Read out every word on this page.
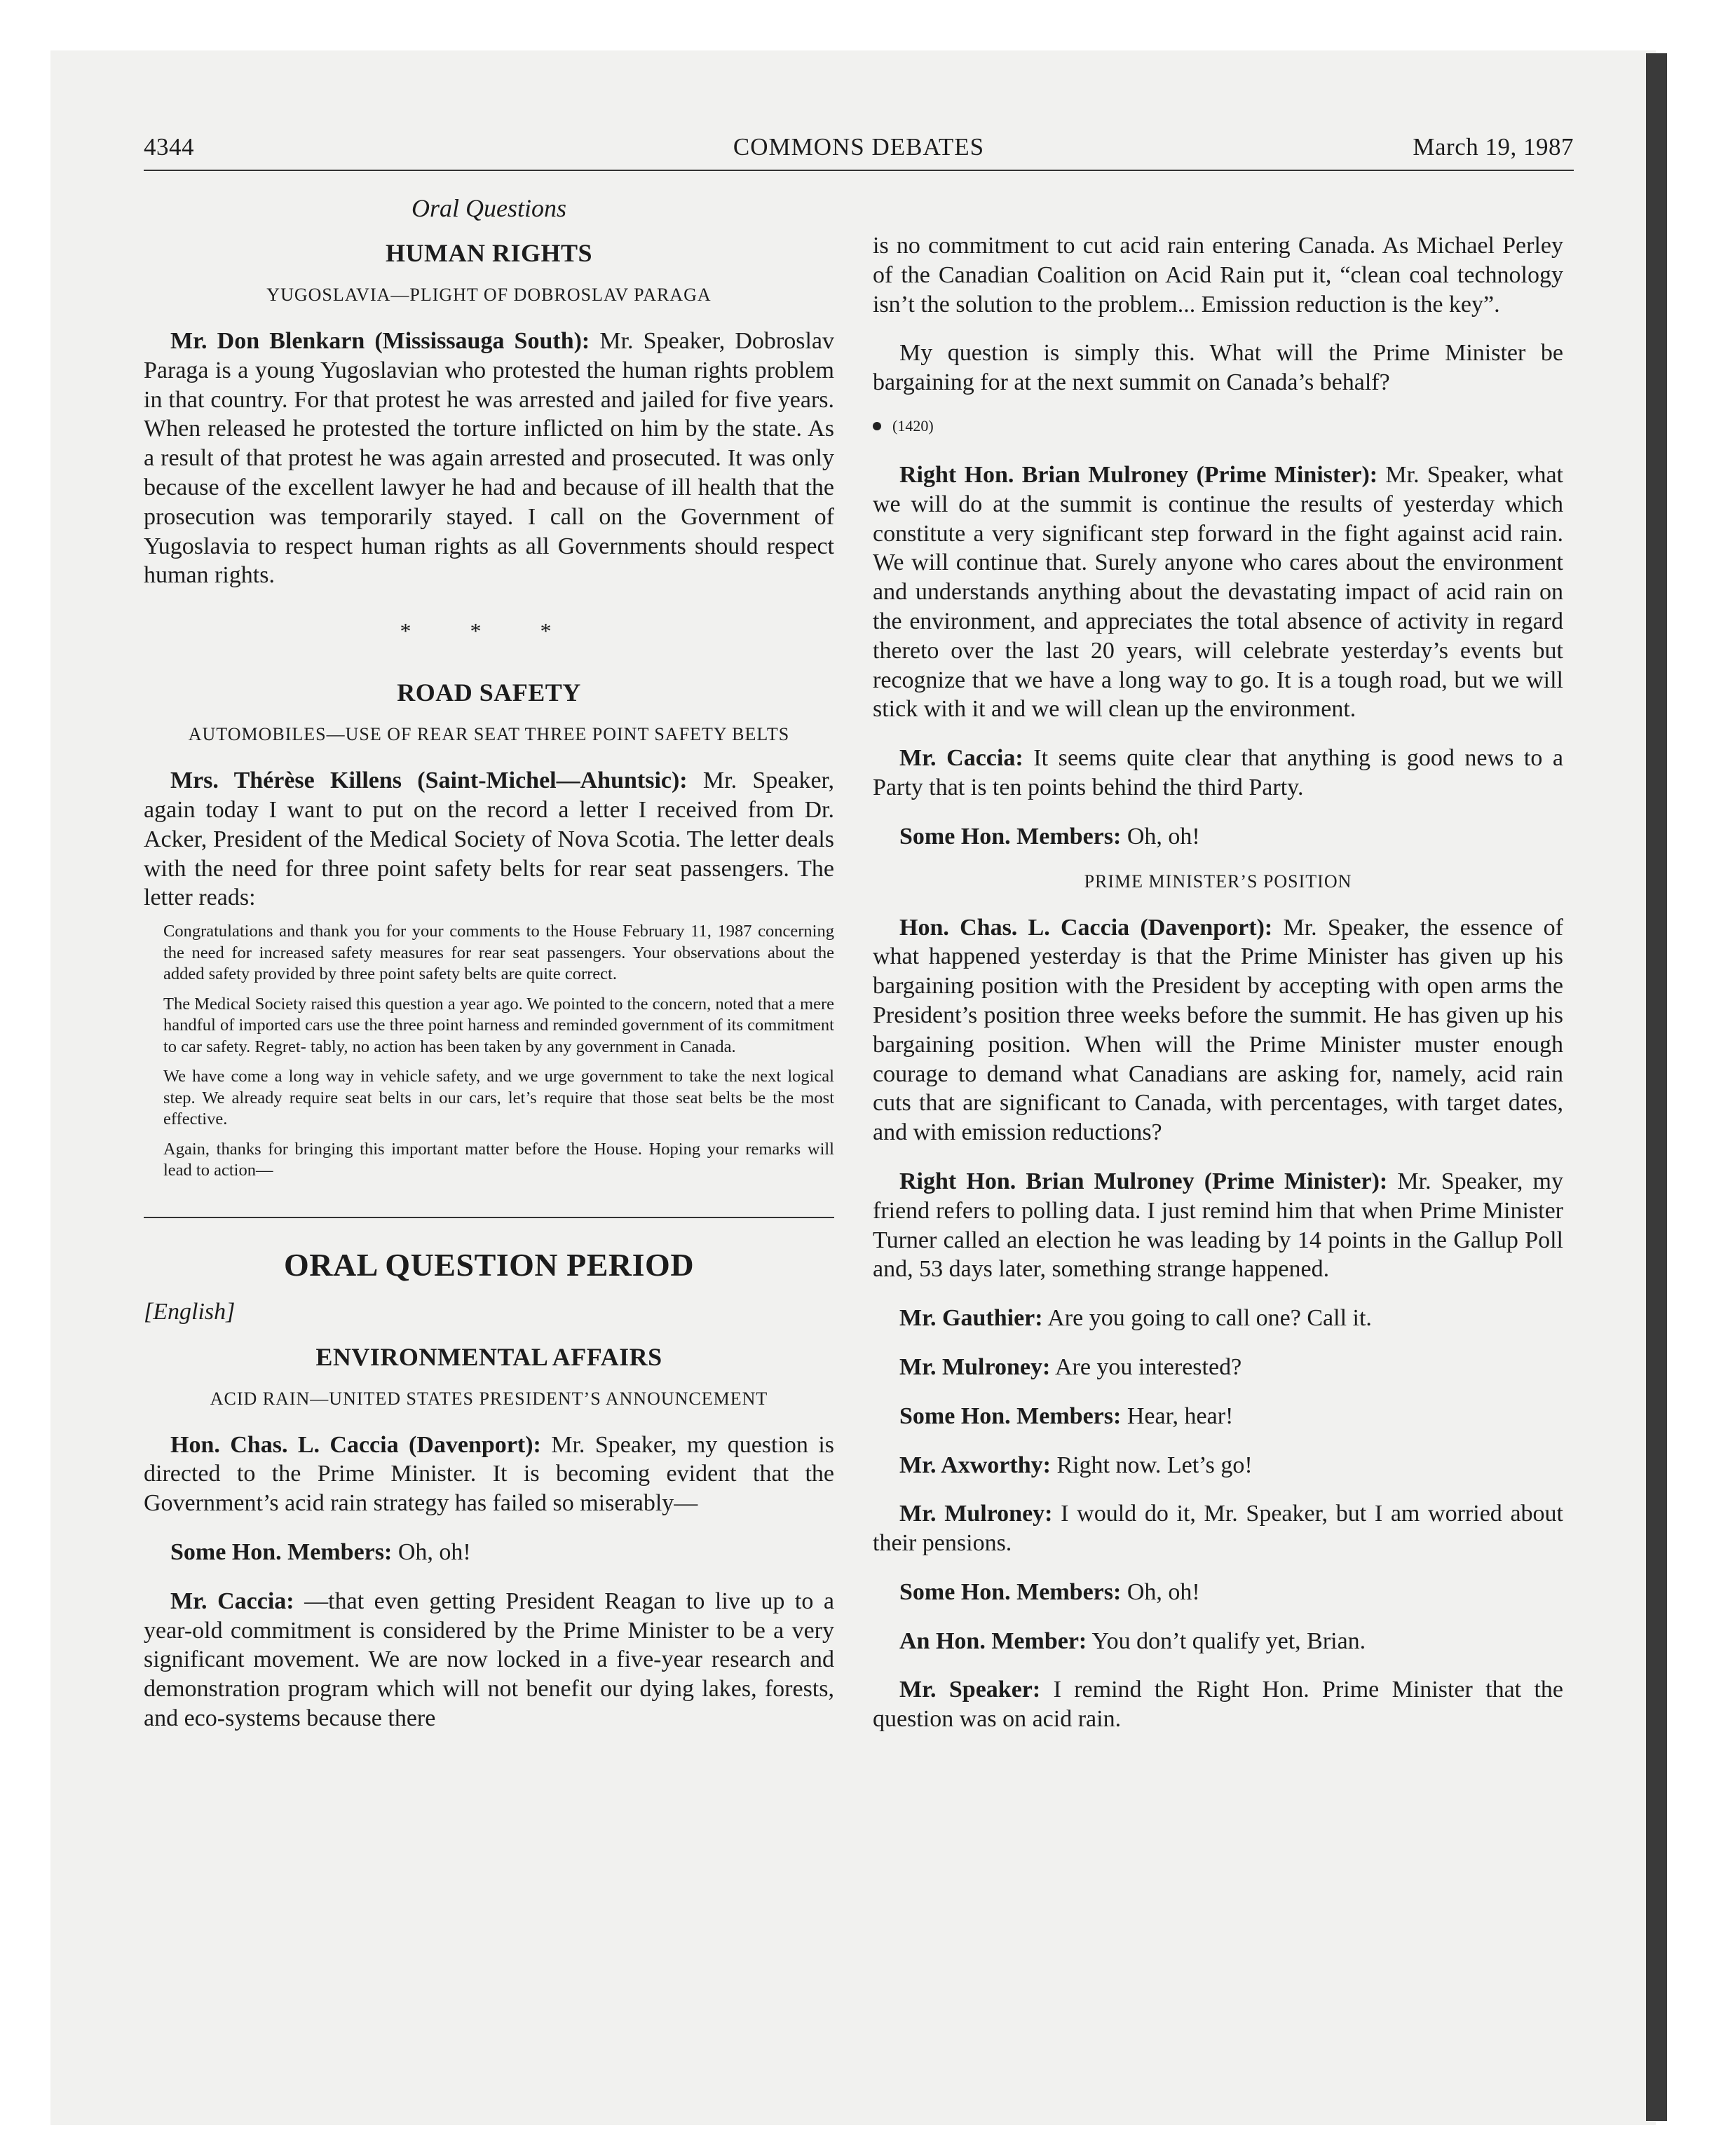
4344	COMMONS DEBATES	March 19, 1987
Oral Questions
HUMAN RIGHTS
YUGOSLAVIA—PLIGHT OF DOBROSLAV PARAGA

Mr. Don Blenkarn (Mississauga South): Mr. Speaker, Dobroslav Paraga is a young Yugoslavian who protested the human rights problem in that country. For that protest he was arrested and jailed for five years. When released he protested the torture inflicted on him by the state. As a result of that protest he was again arrested and prosecuted. It was only because of the excellent lawyer he had and because of ill health that the prosecution was temporarily stayed. I call on the Government of Yugoslavia to respect human rights as all Governments should respect human rights.

* * *
ROAD SAFETY
AUTOMOBILES—USE OF REAR SEAT THREE POINT SAFETY BELTS

Mrs. Thérèse Killens (Saint-Michel—Ahuntsic): Mr. Speaker, again today I want to put on the record a letter I received from Dr. Acker, President of the Medical Society of Nova Scotia. The letter deals with the need for three point safety belts for rear seat passengers. The letter reads:

Congratulations and thank you for your comments to the House February 11, 1987 concerning the need for increased safety measures for rear seat passengers. Your observations about the added safety provided by three point safety belts are quite correct.

The Medical Society raised this question a year ago. We pointed to the concern, noted that a mere handful of imported cars use the three point harness and reminded government of its commitment to car safety. Regret- tably, no action has been taken by any government in Canada.

We have come a long way in vehicle safety, and we urge government to take the next logical step. We already require seat belts in our cars, let’s require that those seat belts be the most effective.

Again, thanks for bringing this important matter before the House. Hoping your remarks will lead to action—

ORAL QUESTION PERIOD
[English]
ENVIRONMENTAL AFFAIRS
ACID RAIN—UNITED STATES PRESIDENT’S ANNOUNCEMENT

Hon. Chas. L. Caccia (Davenport): Mr. Speaker, my question is directed to the Prime Minister. It is becoming evident that the Government’s acid rain strategy has failed so miserably—

Some Hon. Members: Oh, oh!

Mr. Caccia: —that even getting President Reagan to live up to a year-old commitment is considered by the Prime Minister to be a very significant movement. We are now locked in a five-year research and demonstration program which will not benefit our dying lakes, forests, and eco-systems because there

is no commitment to cut acid rain entering Canada. As Michael Perley of the Canadian Coalition on Acid Rain put it, “clean coal technology isn’t the solution to the problem... Emission reduction is the key”.

My question is simply this. What will the Prime Minister be bargaining for at the next summit on Canada’s behalf?

(1420)

Right Hon. Brian Mulroney (Prime Minister): Mr. Speaker, what we will do at the summit is continue the results of yesterday which constitute a very significant step forward in the fight against acid rain. We will continue that. Surely anyone who cares about the environment and understands anything about the devastating impact of acid rain on the environment, and appreciates the total absence of activity in regard thereto over the last 20 years, will celebrate yesterday’s events but recognize that we have a long way to go. It is a tough road, but we will stick with it and we will clean up the environment.

Mr. Caccia: It seems quite clear that anything is good news to a Party that is ten points behind the third Party.

Some Hon. Members: Oh, oh!

PRIME MINISTER’S POSITION

Hon. Chas. L. Caccia (Davenport): Mr. Speaker, the essence of what happened yesterday is that the Prime Minister has given up his bargaining position with the President by accepting with open arms the President’s position three weeks before the summit. He has given up his bargaining position. When will the Prime Minister muster enough courage to demand what Canadians are asking for, namely, acid rain cuts that are significant to Canada, with percentages, with target dates, and with emission reductions?

Right Hon. Brian Mulroney (Prime Minister): Mr. Speaker, my friend refers to polling data. I just remind him that when Prime Minister Turner called an election he was leading by 14 points in the Gallup Poll and, 53 days later, something strange happened.

Mr. Gauthier: Are you going to call one? Call it.

Mr. Mulroney: Are you interested?

Some Hon. Members: Hear, hear!

Mr. Axworthy: Right now. Let’s go!

Mr. Mulroney: I would do it, Mr. Speaker, but I am worried about their pensions.

Some Hon. Members: Oh, oh!

An Hon. Member: You don’t qualify yet, Brian.

Mr. Speaker: I remind the Right Hon. Prime Minister that the question was on acid rain.
